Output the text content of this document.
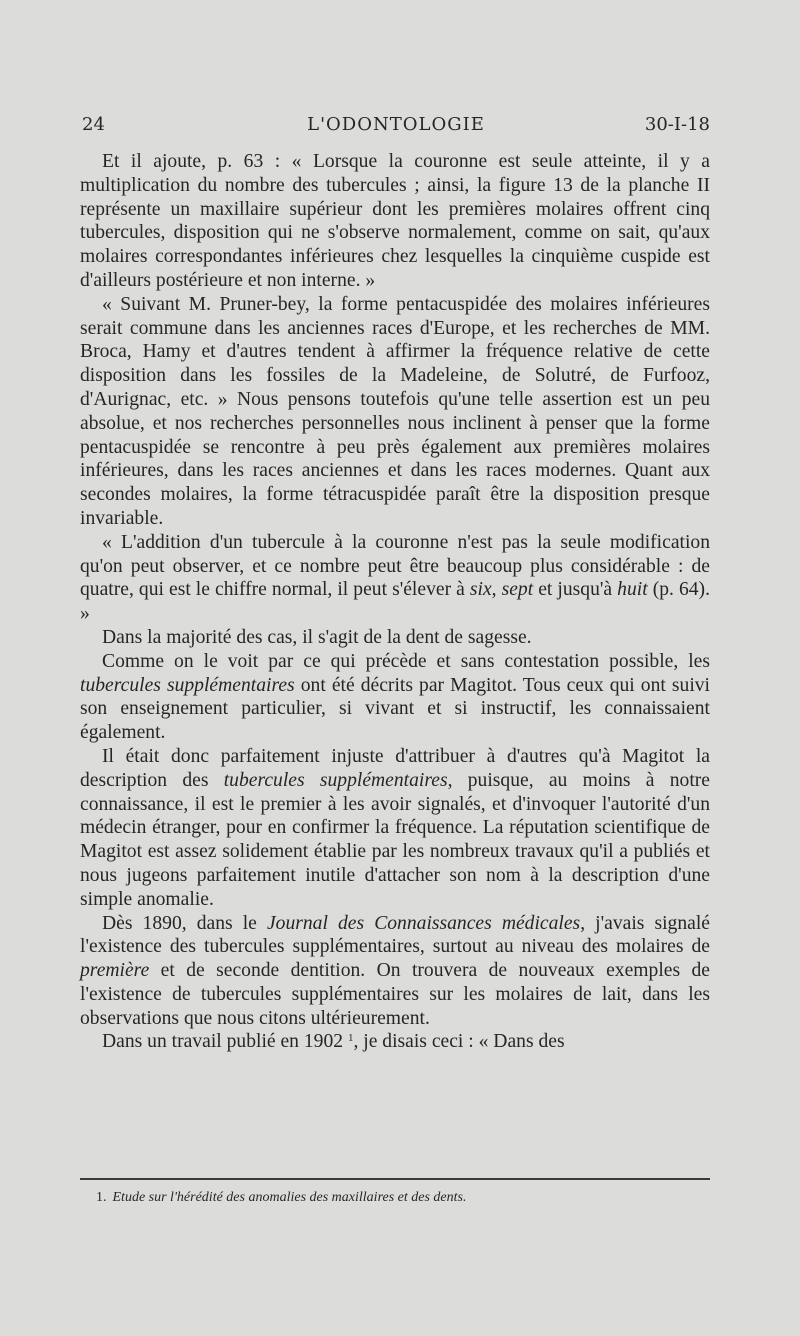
24	L'ODONTOLOGIE	30-I-18

Et il ajoute, p. 63 : « Lorsque la couronne est seule atteinte, il y a multiplication du nombre des tubercules ; ainsi, la figure 13 de la planche II représente un maxillaire supérieur dont les premières molaires offrent cinq tubercules, disposition qui ne s'observe normalement, comme on sait, qu'aux molaires correspondantes inférieures chez lesquelles la cinquième cuspide est d'ailleurs postérieure et non interne. »

« Suivant M. Pruner-bey, la forme pentacuspidée des molaires inférieures serait commune dans les anciennes races d'Europe, et les recherches de MM. Broca, Hamy et d'autres tendent à affirmer la fréquence relative de cette disposition dans les fossiles de la Madeleine, de Solutré, de Furfooz, d'Aurignac, etc. » Nous pensons toutefois qu'une telle assertion est un peu absolue, et nos recherches personnelles nous inclinent à penser que la forme pentacuspidée se rencontre à peu près également aux premières molaires inférieures, dans les races anciennes et dans les races modernes. Quant aux secondes molaires, la forme tétracuspidée paraît être la disposition presque invariable.

« L'addition d'un tubercule à la couronne n'est pas la seule modification qu'on peut observer, et ce nombre peut être beaucoup plus considérable : de quatre, qui est le chiffre normal, il peut s'élever à six, sept et jusqu'à huit (p. 64). »

Dans la majorité des cas, il s'agit de la dent de sagesse.

Comme on le voit par ce qui précède et sans contestation possible, les tubercules supplémentaires ont été décrits par Magitot. Tous ceux qui ont suivi son enseignement particulier, si vivant et si instructif, les connaissaient également.

Il était donc parfaitement injuste d'attribuer à d'autres qu'à Magitot la description des tubercules supplémentaires, puisque, au moins à notre connaissance, il est le premier à les avoir signalés, et d'invoquer l'autorité d'un médecin étranger, pour en confirmer la fréquence. La réputation scientifique de Magitot est assez solidement établie par les nombreux travaux qu'il a publiés et nous jugeons parfaitement inutile d'attacher son nom à la description d'une simple anomalie.

Dès 1890, dans le Journal des Connaissances médicales, j'avais signalé l'existence des tubercules supplémentaires, surtout au niveau des molaires de première et de seconde dentition. On trouvera de nouveaux exemples de l'existence de tubercules supplémentaires sur les molaires de lait, dans les observations que nous citons ultérieurement.

Dans un travail publié en 1902 $^1$, je disais ceci : « Dans des

1. Etude sur l'hérédité des anomalies des maxillaires et des dents.
